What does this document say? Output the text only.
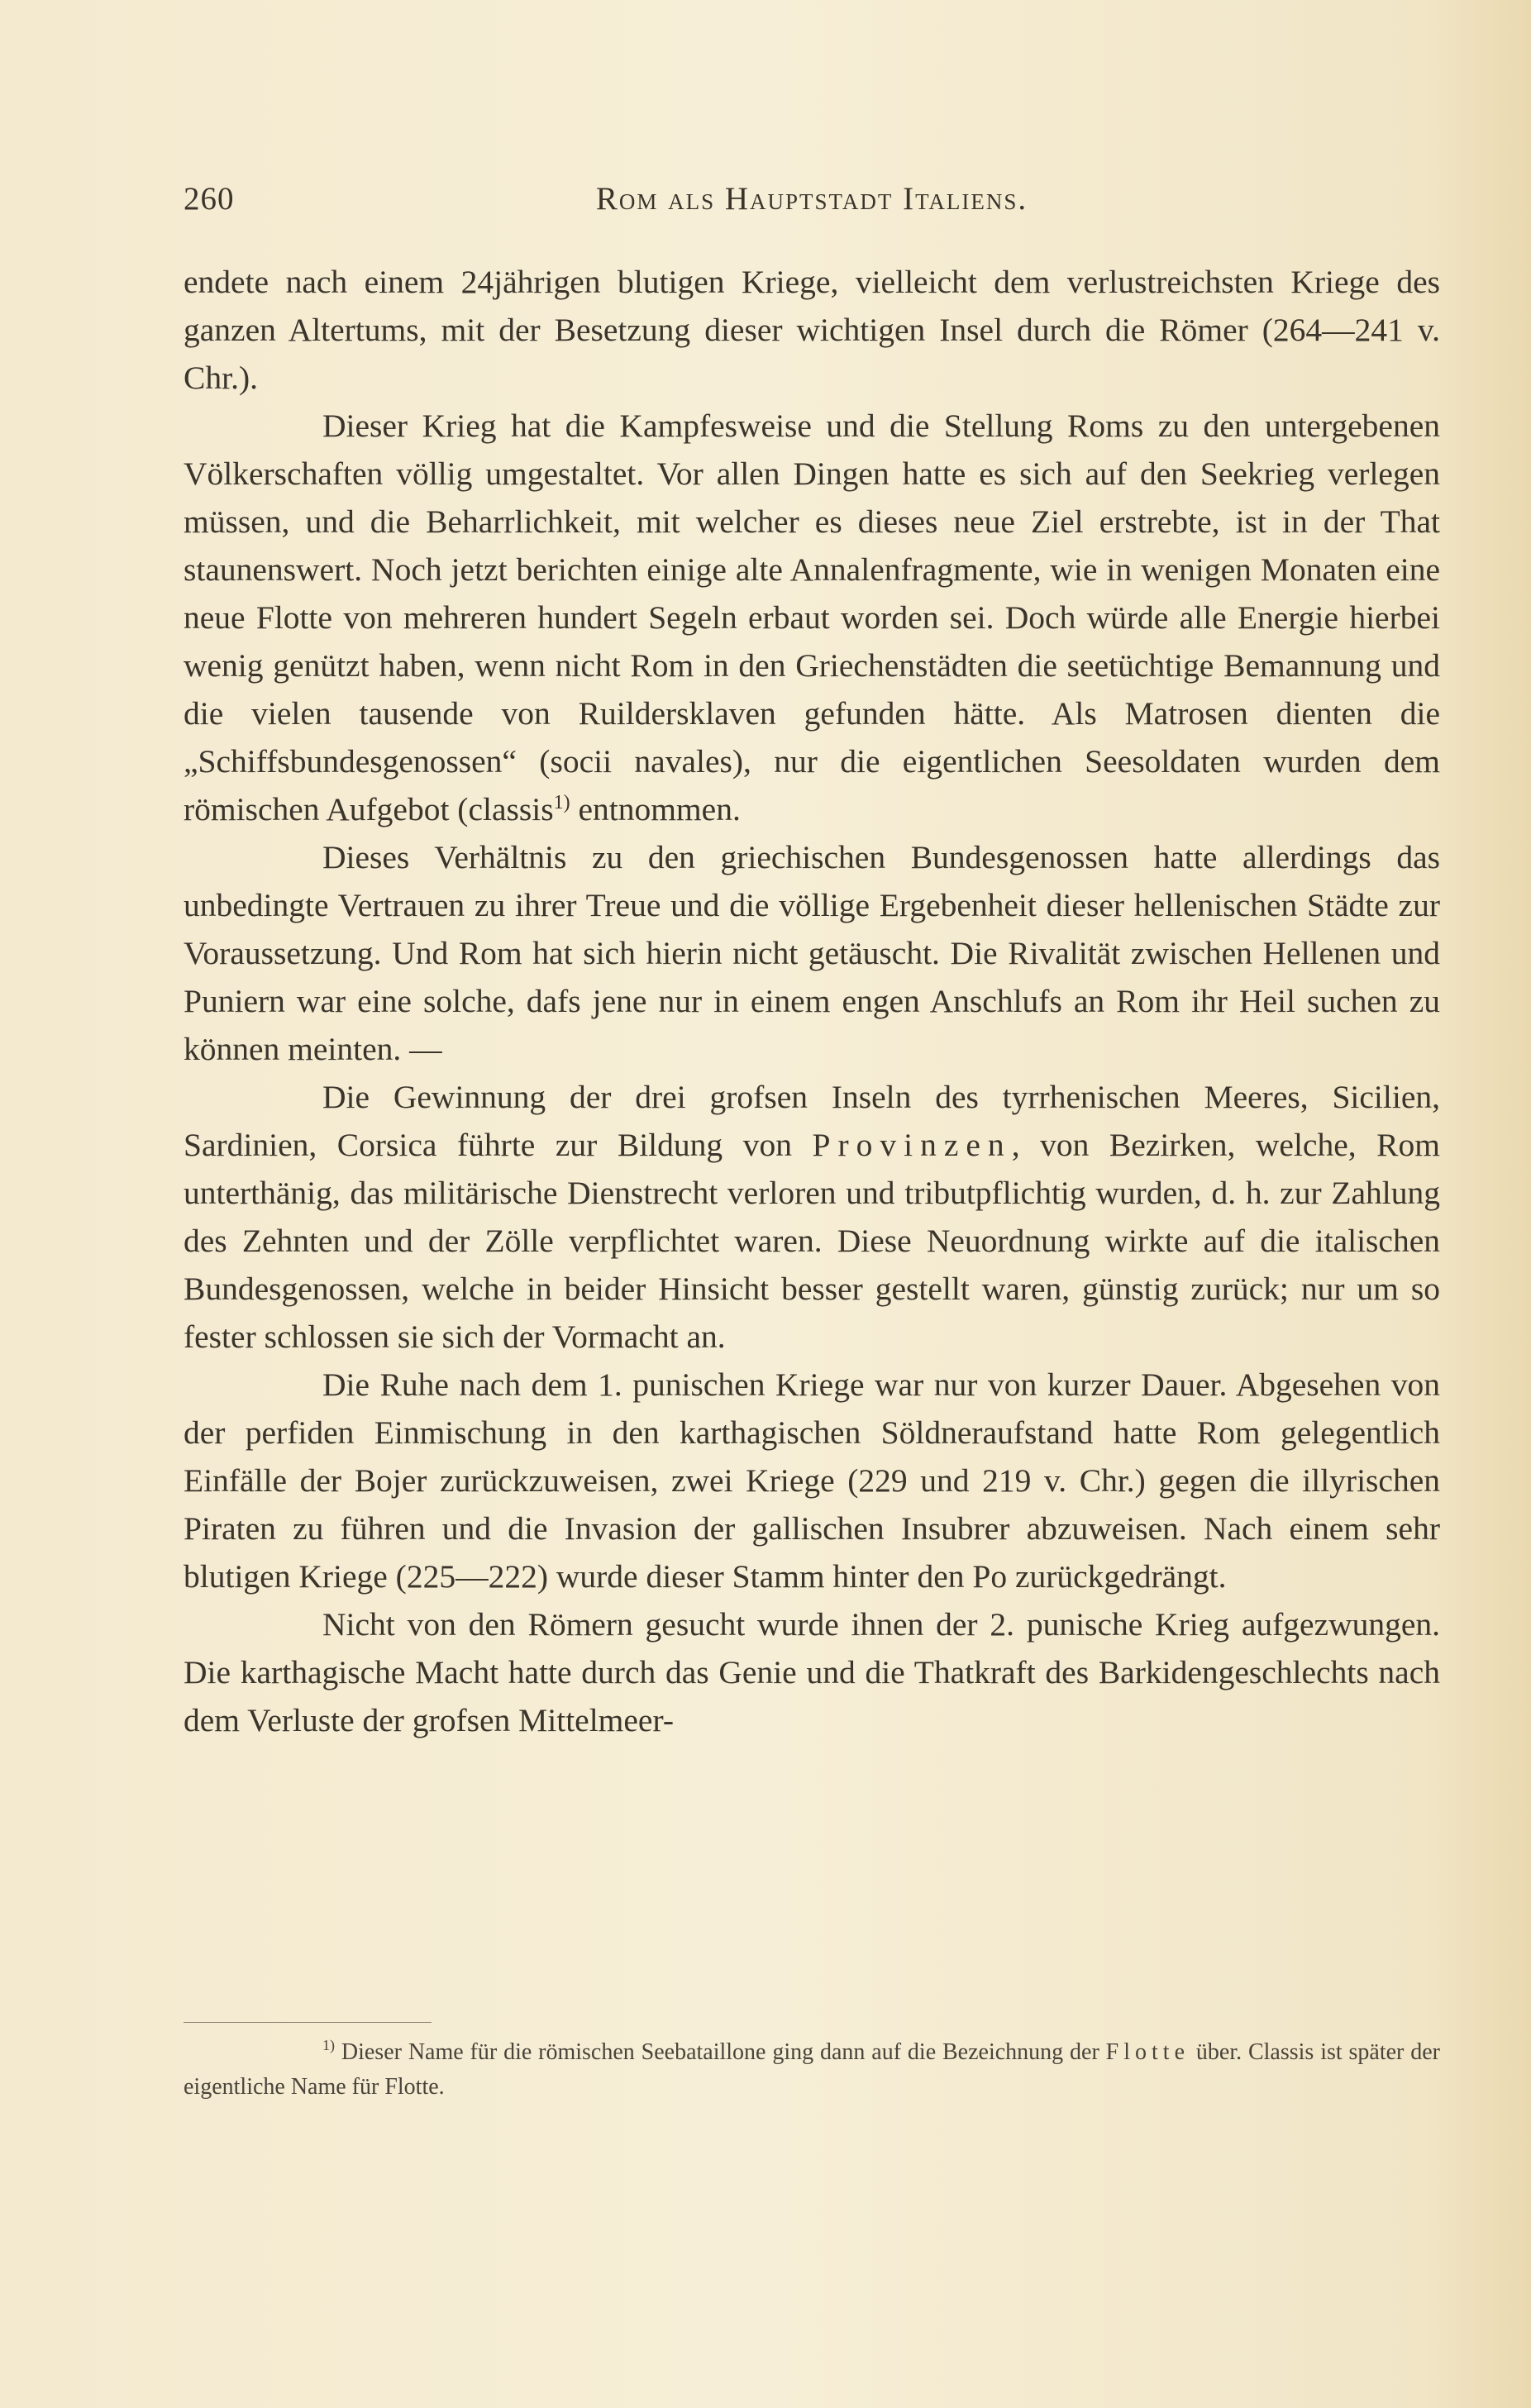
260	Rom als Hauptstadt Italiens.

endete nach einem 24jährigen blutigen Kriege, vielleicht dem verlustreichsten Kriege des ganzen Altertums, mit der Besetzung dieser wichtigen Insel durch die Römer (264—241 v. Chr.).

Dieser Krieg hat die Kampfesweise und die Stellung Roms zu den untergebenen Völkerschaften völlig umgestaltet. Vor allen Dingen hatte es sich auf den Seekrieg verlegen müssen, und die Beharrlichkeit, mit welcher es dieses neue Ziel erstrebte, ist in der That staunenswert. Noch jetzt berichten einige alte Annalenfragmente, wie in wenigen Monaten eine neue Flotte von mehreren hundert Segeln erbaut worden sei. Doch würde alle Energie hierbei wenig genützt haben, wenn nicht Rom in den Griechenstädten die seetüchtige Bemannung und die vielen tausende von Ruildersklaven gefunden hätte. Als Matrosen dienten die „Schiffsbundesgenossen“ (socii navales), nur die eigentlichen Seesoldaten wurden dem römischen Aufgebot (classis$^{1)}$ entnommen.

Dieses Verhältnis zu den griechischen Bundesgenossen hatte allerdings das unbedingte Vertrauen zu ihrer Treue und die völlige Ergebenheit dieser hellenischen Städte zur Voraussetzung. Und Rom hat sich hierin nicht getäuscht. Die Rivalität zwischen Hellenen und Puniern war eine solche, dafs jene nur in einem engen Anschlufs an Rom ihr Heil suchen zu können meinten. —

Die Gewinnung der drei grofsen Inseln des tyrrhenischen Meeres, Sicilien, Sardinien, Corsica führte zur Bildung von Provinzen, von Bezirken, welche, Rom unterthänig, das militärische Dienstrecht verloren und tributpflichtig wurden, d. h. zur Zahlung des Zehnten und der Zölle verpflichtet waren. Diese Neuordnung wirkte auf die italischen Bundesgenossen, welche in beider Hinsicht besser gestellt waren, günstig zurück; nur um so fester schlossen sie sich der Vormacht an.

Die Ruhe nach dem 1. punischen Kriege war nur von kurzer Dauer. Abgesehen von der perfiden Einmischung in den karthagischen Söldneraufstand hatte Rom gelegentlich Einfälle der Bojer zurückzuweisen, zwei Kriege (229 und 219 v. Chr.) gegen die illyrischen Piraten zu führen und die Invasion der gallischen Insubrer abzuweisen. Nach einem sehr blutigen Kriege (225—222) wurde dieser Stamm hinter den Po zurückgedrängt.

Nicht von den Römern gesucht wurde ihnen der 2. punische Krieg aufgezwungen. Die karthagische Macht hatte durch das Genie und die Thatkraft des Barkidengeschlechts nach dem Verluste der grofsen Mittelmeer-

$^{1)}$ Dieser Name für die römischen Seebataillone ging dann auf die Bezeichnung der Flotte über. Classis ist später der eigentliche Name für Flotte.
